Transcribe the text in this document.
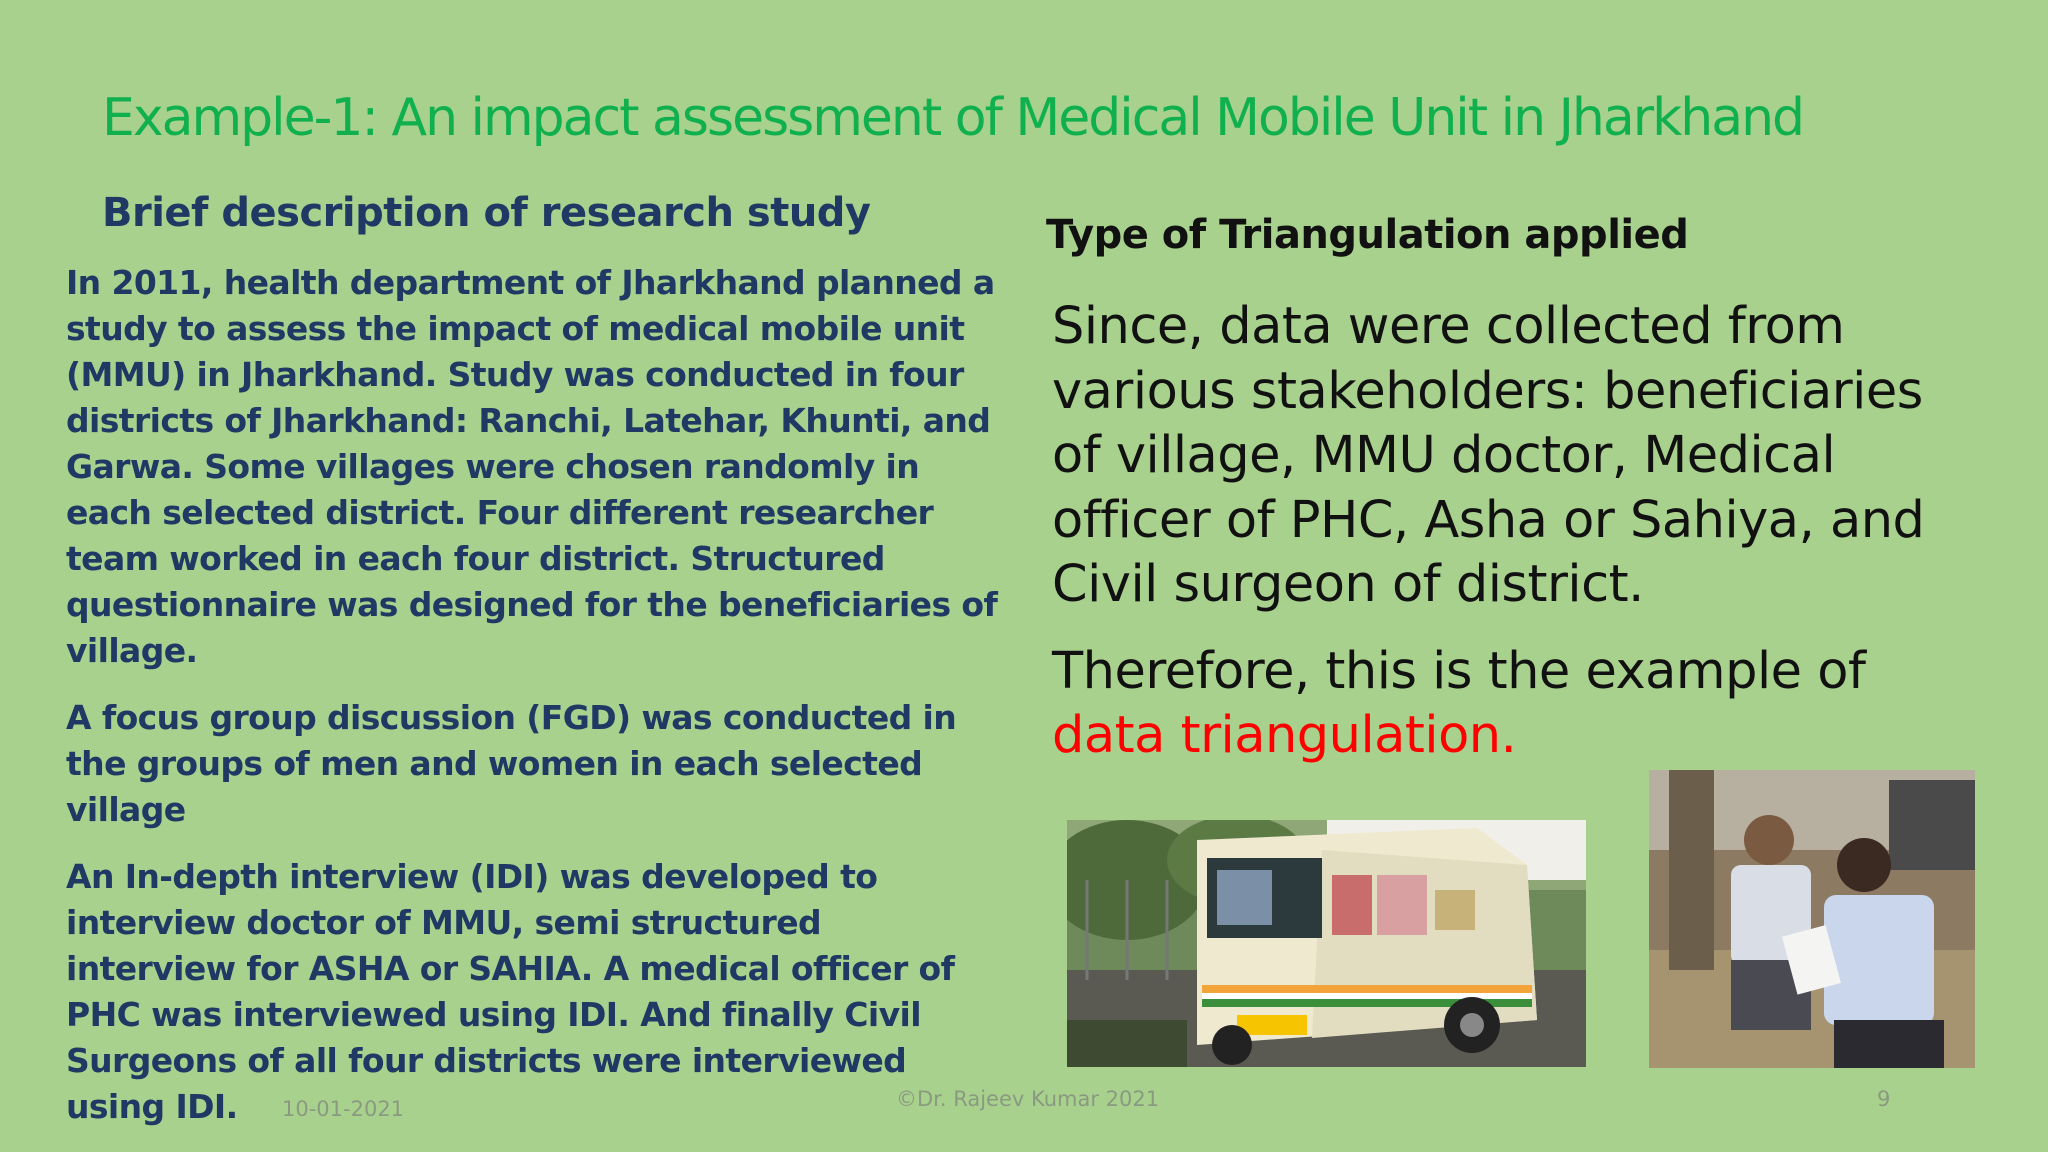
Example-1: An impact assessment of Medical Mobile Unit in Jharkhand
Brief description of research study

In 2011, health department of Jharkhand planned a study to assess the impact of medical mobile unit (MMU) in Jharkhand. Study was conducted in four districts of Jharkhand: Ranchi, Latehar, Khunti, and Garwa. Some villages were chosen randomly in each selected district. Four different researcher team worked in each four district. Structured questionnaire was designed for the beneficiaries of village.

A focus group discussion (FGD) was conducted in the groups of men and women in each selected village

An In-depth interview (IDI) was developed to interview doctor of MMU, semi structured interview for ASHA or SAHIA. A medical officer of PHC was interviewed using IDI. And finally Civil Surgeons of all four districts were interviewed using IDI.

Type of Triangulation applied

Since, data were collected from various stakeholders: beneficiaries of village, MMU doctor, Medical officer of PHC, Asha or Sahiya, and Civil surgeon of district.

Therefore, this is the example of
data triangulation.

10-01-2021	©Dr. Rajeev Kumar 2021	9
